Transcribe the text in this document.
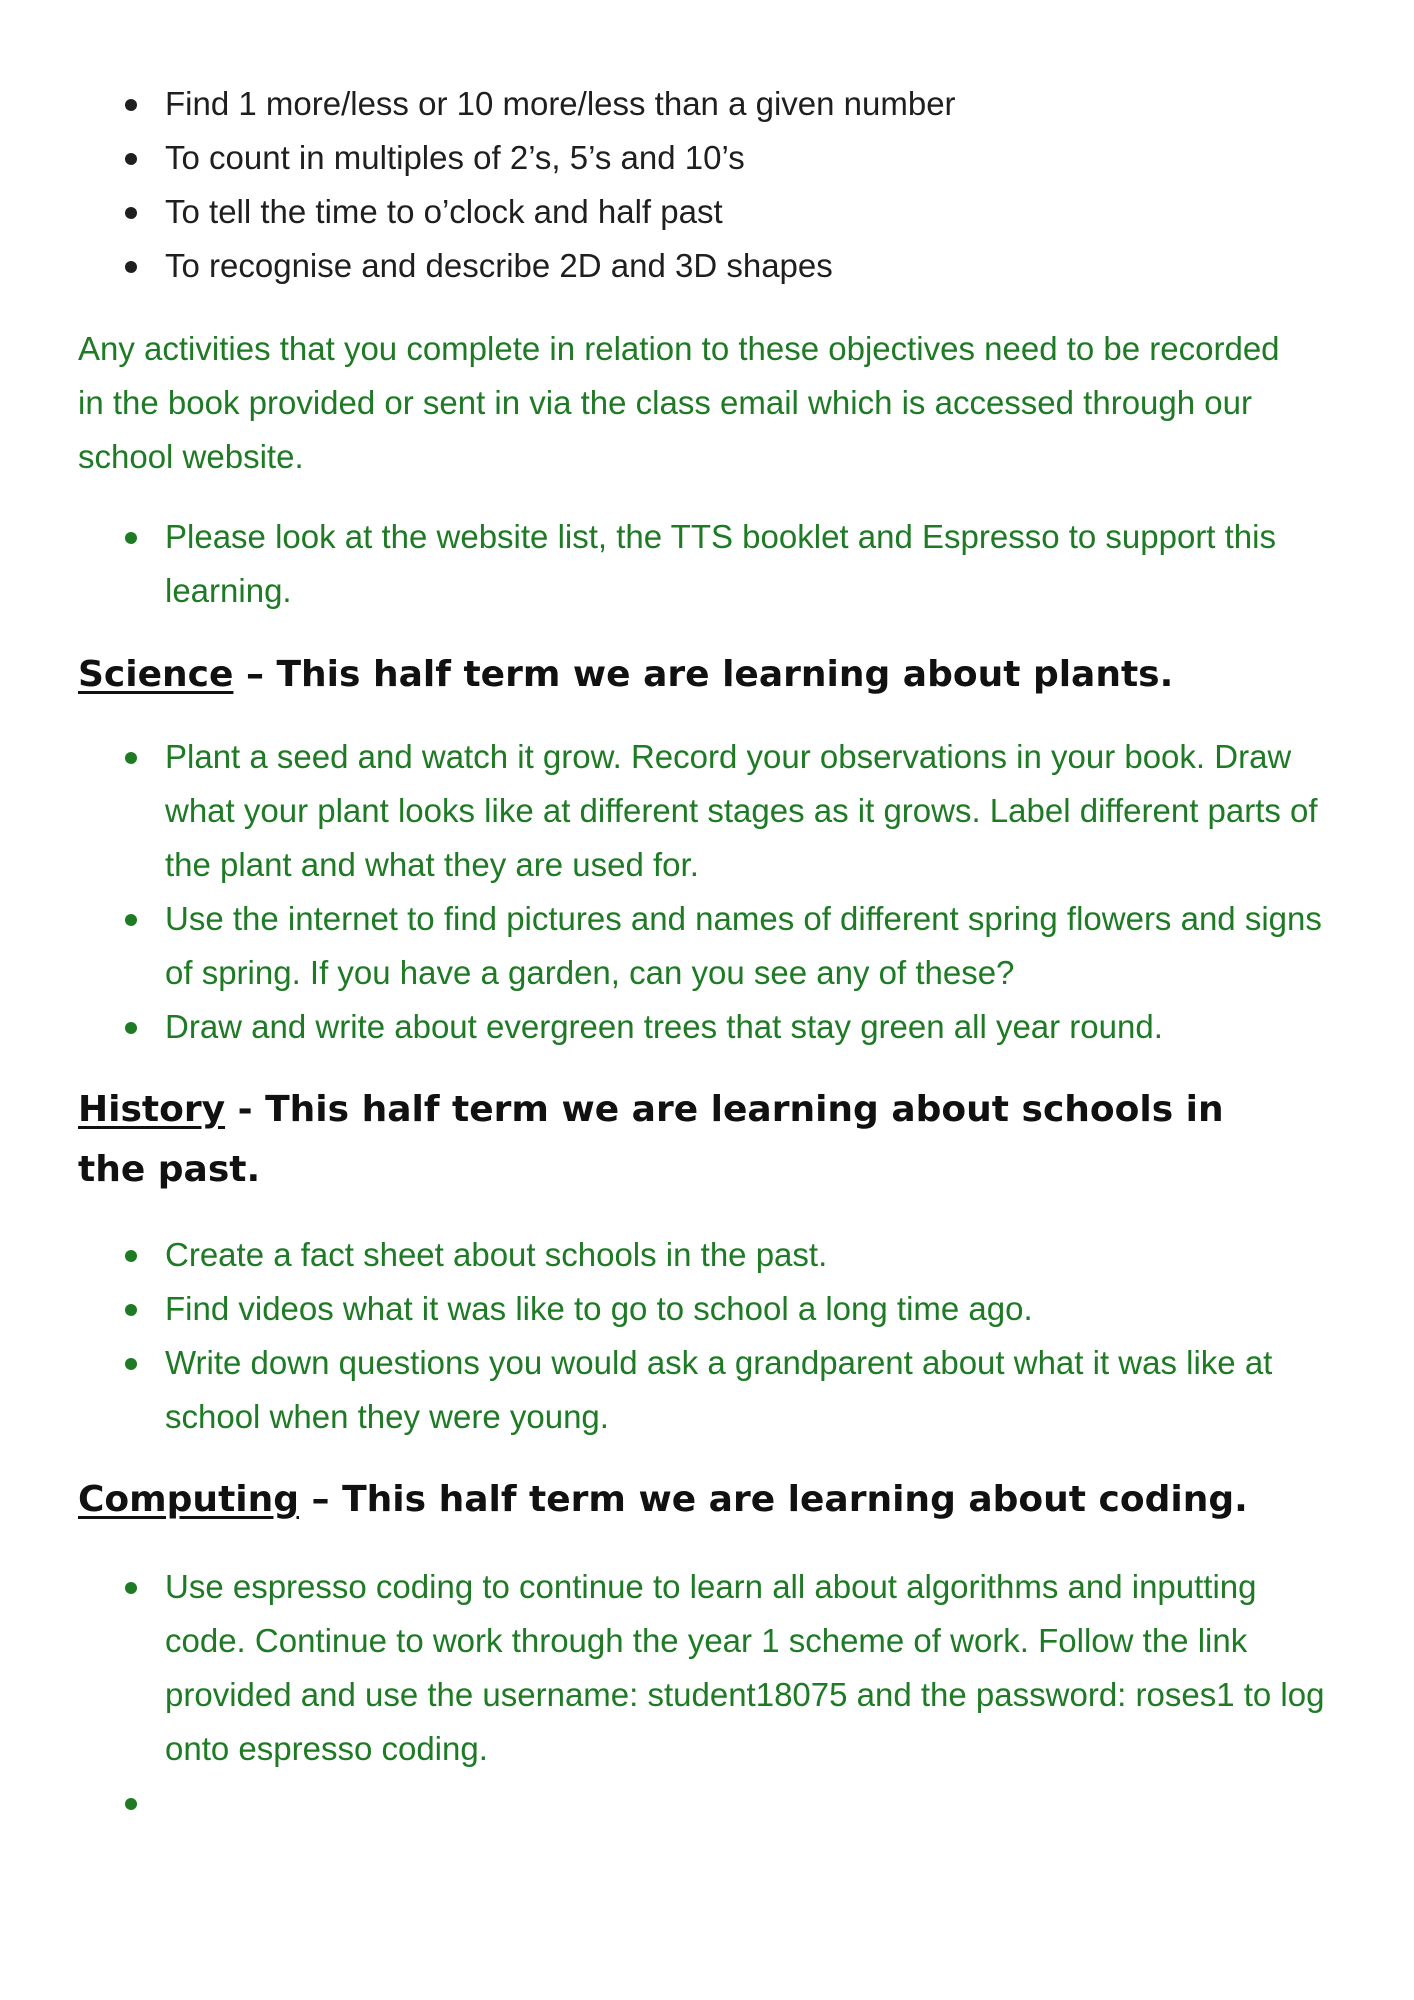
Find 1 more/less or 10 more/less than a given number
To count in multiples of 2’s, 5’s and 10’s
To tell the time to o’clock and half past
To recognise and describe 2D and 3D shapes

Any activities that you complete in relation to these objectives need to be recorded in the book provided or sent in via the class email which is accessed through our school website.

Please look at the website list, the TTS booklet and Espresso to support this learning.
Science – This half term we are learning about plants.
Plant a seed and watch it grow. Record your observations in your book. Draw what your plant looks like at different stages as it grows. Label different parts of the plant and what they are used for.
Use the internet to find pictures and names of different spring flowers and signs of spring. If you have a garden, can you see any of these?
Draw and write about evergreen trees that stay green all year round.
History - This half term we are learning about schools in the past.
Create a fact sheet about schools in the past.
Find videos what it was like to go to school a long time ago.
Write down questions you would ask a grandparent about what it was like at school when they were young.
Computing – This half term we are learning about coding.
Use espresso coding to continue to learn all about algorithms and inputting code. Continue to work through the year 1 scheme of work. Follow the link provided and use the username: student18075 and the password: roses1 to log onto espresso coding.
